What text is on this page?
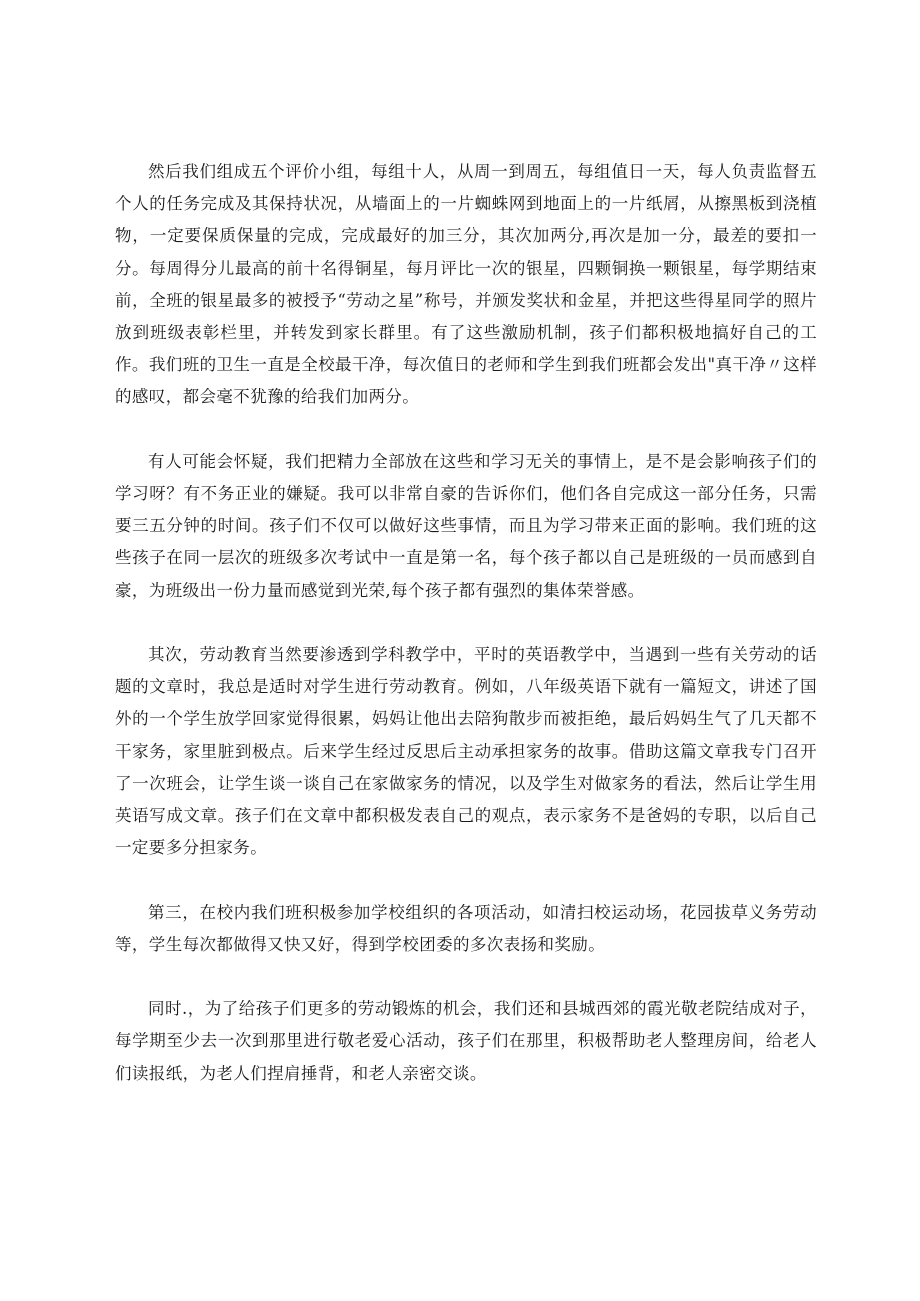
然后我们组成五个评价小组，每组十人，从周一到周五，每组值日一天，每人负责监督五个人的任务完成及其保持状况，从墙面上的一片蜘蛛网到地面上的一片纸屑，从擦黑板到浇植物，一定要保质保量的完成，完成最好的加三分，其次加两分,再次是加一分，最差的要扣一分。每周得分儿最高的前十名得铜星，每月评比一次的银星，四颗铜换一颗银星，每学期结束前，全班的银星最多的被授予“劳动之星”称号，并颁发奖状和金星，并把这些得星同学的照片放到班级表彰栏里，并转发到家长群里。有了这些激励机制，孩子们都积极地搞好自己的工作。我们班的卫生一直是全校最干净，每次值日的老师和学生到我们班都会发出"真干净〃这样的感叹，都会毫不犹豫的给我们加两分。

有人可能会怀疑，我们把精力全部放在这些和学习无关的事情上，是不是会影响孩子们的学习呀？有不务正业的嫌疑。我可以非常自豪的告诉你们，他们各自完成这一部分任务，只需要三五分钟的时间。孩子们不仅可以做好这些事情，而且为学习带来正面的影响。我们班的这些孩子在同一层次的班级多次考试中一直是第一名，每个孩子都以自己是班级的一员而感到自豪，为班级出一份力量而感觉到光荣,每个孩子都有强烈的集体荣誉感。

其次，劳动教育当然要渗透到学科教学中，平时的英语教学中，当遇到一些有关劳动的话题的文章时，我总是适时对学生进行劳动教育。例如，八年级英语下就有一篇短文，讲述了国外的一个学生放学回家觉得很累，妈妈让他出去陪狗散步而被拒绝，最后妈妈生气了几天都不干家务，家里脏到极点。后来学生经过反思后主动承担家务的故事。借助这篇文章我专门召开了一次班会，让学生谈一谈自己在家做家务的情况，以及学生对做家务的看法，然后让学生用英语写成文章。孩子们在文章中都积极发表自己的观点，表示家务不是爸妈的专职，以后自己一定要多分担家务。

第三，在校内我们班积极参加学校组织的各项活动，如清扫校运动场，花园拔草义务劳动等，学生每次都做得又快又好，得到学校团委的多次表扬和奖励。

同时.，为了给孩子们更多的劳动锻炼的机会，我们还和县城西郊的霞光敬老院结成对子，每学期至少去一次到那里进行敬老爱心活动，孩子们在那里，积极帮助老人整理房间，给老人们读报纸，为老人们捏肩捶背，和老人亲密交谈。
